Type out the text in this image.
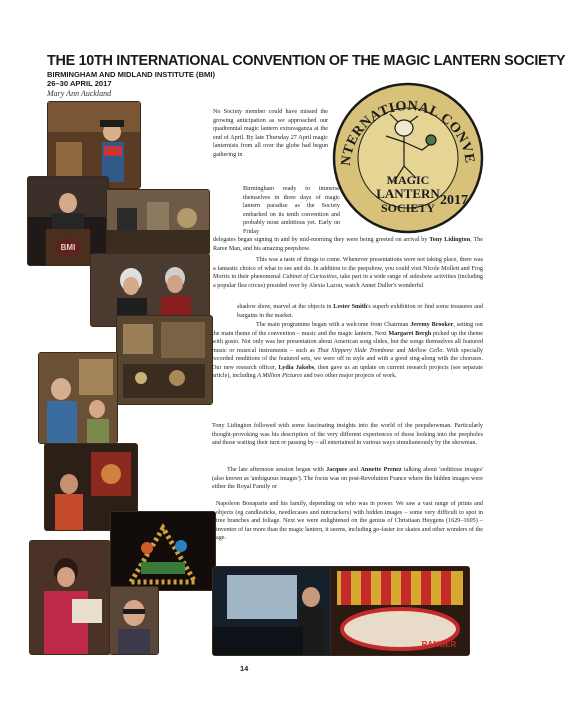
THE 10TH INTERNATIONAL CONVENTION OF THE MAGIC LANTERN SOCIETY
BIRMINGHAM AND MIDLAND INSTITUTE (BMI)
26–30 APRIL 2017
Mary Ann Auckland
NTERNATIONAL CONVE
MAGIC
LANTERN
SOCIETY 2017
BMI
RANGER

No Society member could have missed the growing anticipation as we approached our quadrennial magic lantern extravaganza at the end of April. By late Thursday 27 April magic lanternists from all over the globe had begun gathering in

Birmingham ready to immerse themselves in three days of magic lantern paradise as the Society embarked on its tenth convention and probably most ambitious yet. Early on Friday

delegates began signing in and by mid-morning they were being greeted on arrival by Tony Lidington, The Raree Man, and his amazing peepshow.

This was a taste of things to come. Whenever presentations were not taking place, there was a fantastic choice of what to see and do. In addition to the peepshow, you could visit Nicole Mollett and Frog Morris in their phenomenal Cabinet of Curiosities, take part in a wide range of sideshow activities (including a popular flea circus) presided over by Alexia Lazou, watch Annet Duller's wonderful

shadow show, marvel at the objects in Lester Smith's superb exhibition or find some treasures and bargains in the market.

The main programme began with a welcome from Chairman Jeremy Brooker, setting out the main theme of the convention – music and the magic lantern. Next Margaret Bergh picked up the theme with gusto. Not only was her presentation about American song slides, but the songs themselves all featured music or musical instruments – such as That Slippery Slide Trombone and Mellow Cello. With specially recorded renditions of the featured sets, we were off in style and with a good sing-along with the choruses. Our new research officer, Lydia Jakobs, then gave us an update on current research projects (see separate article), including A Million Pictures and two other major projects of work.

Tony Lidington followed with some fascinating insights into the world of the peepshowman. Particularly thought-provoking was his description of the very different experiences of those looking into the peepholes and those waiting their turn or passing by – all entertained in various ways simultaneously by the showman.

The late afternoon session began with Jacques and Annette Prenez talking about 'seditious images' (also known as 'ambiguous images'). The focus was on post-Revolution France where the hidden images were either the Royal Family or

Napoleon Bonaparte and his family, depending on who was in power. We saw a vast range of prints and objects (eg candlesticks, needlecases and nutcrackers) with hidden images – some very difficult to spot in tree branches and foliage. Next we were enlightened on the genius of Christiaan Huygens (1629–1695) – inventor of far more than the magic lantern, it seems, including go-faster ice skates and other wonders of the age.

14
